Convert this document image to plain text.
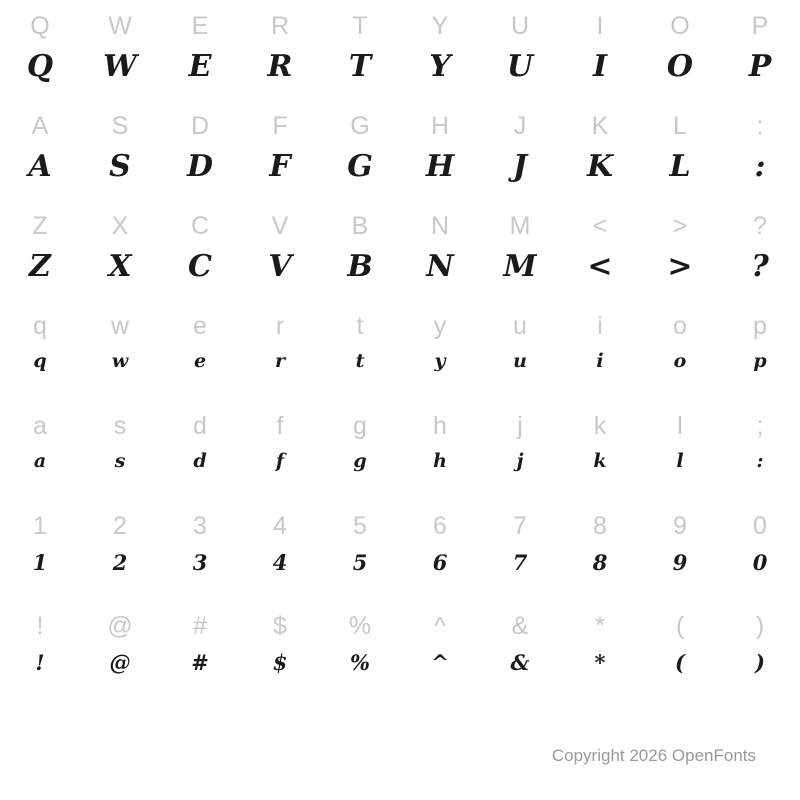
Q	W	E	R	T	Y	U	I	O	P
Q	W	E	R	T	Y	U	I	O	P
A	S	D	F	G	H	J	K	L	:
A	S	D	F	G	H	J	K	L	:
Z	X	C	V	B	N	M	<	>	?
Z	X	C	V	B	N	M	<	>	?
q	w	e	r	t	y	u	i	o	p
q	w	e	r	t	y	u	i	o	p
a	s	d	f	g	h	j	k	l	;
a	s	d	f	g	h	j	k	l	:
1	2	3	4	5	6	7	8	9	0
1	2	3	4	5	6	7	8	9	0
!	@	#	$	%	^	&	*	(	)
!	@	#	$	%	^	&	*	(	)
Copyright 2026 OpenFonts
